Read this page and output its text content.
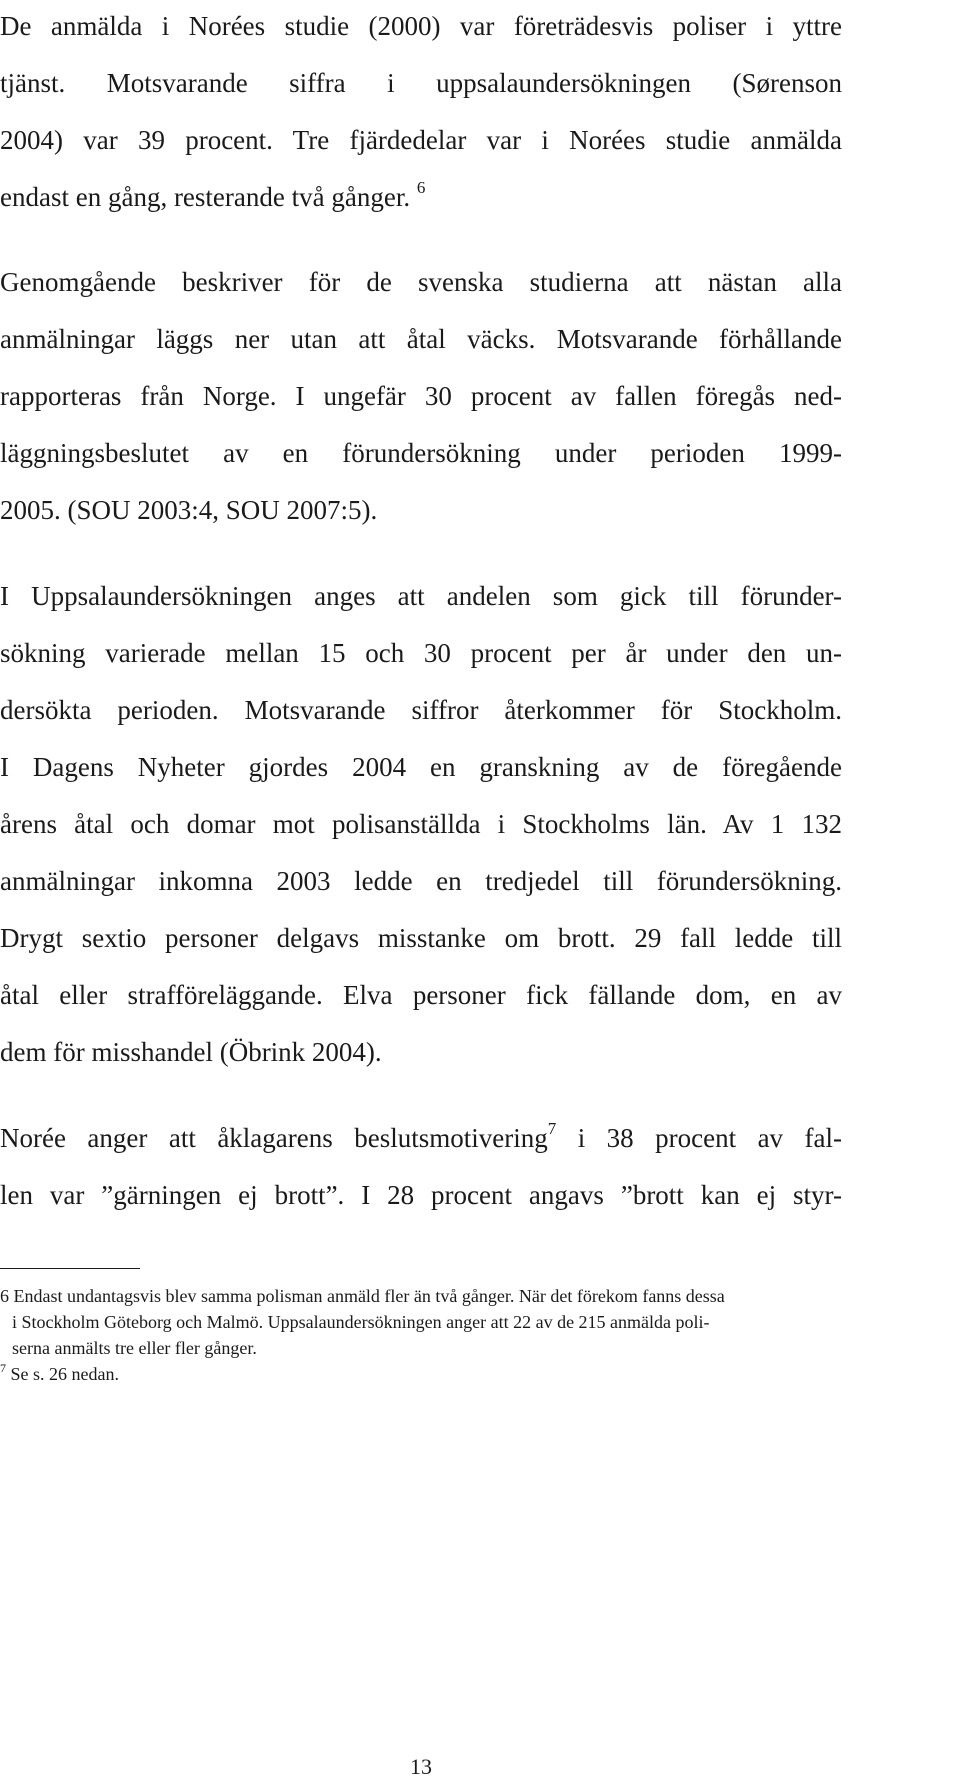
De anmälda i Norées studie (2000) var företrädesvis poliser i yttre
tjänst. Motsvarande siffra i uppsalaundersökningen (Sørenson
2004) var 39 procent. Tre fjärdedelar var i Norées studie anmälda
endast en gång, resterande två gånger. $^6$
Genomgående beskriver för de svenska studierna att nästan alla
anmälningar läggs ner utan att åtal väcks. Motsvarande förhållande
rapporteras från Norge. I ungefär 30 procent av fallen föregås ned-
läggningsbeslutet av en förundersökning under perioden 1999-
2005. (SOU 2003:4, SOU 2007:5).
I Uppsalaundersökningen anges att andelen som gick till förunder-
sökning varierade mellan 15 och 30 procent per år under den un-
dersökta perioden. Motsvarande siffror återkommer för Stockholm.
I Dagens Nyheter gjordes 2004 en granskning av de föregående
årens åtal och domar mot polisanställda i Stockholms län. Av 1 132
anmälningar inkomna 2003 ledde en tredjedel till förundersökning.
Drygt sextio personer delgavs misstanke om brott. 29 fall ledde till
åtal eller strafföreläggande. Elva personer fick fällande dom, en av
dem för misshandel (Öbrink 2004).
Norée anger att åklagarens beslutsmotivering$^7$ i 38 procent av fal-
len var ”gärningen ej brott”. I 28 procent angavs ”brott kan ej styr-
6 Endast undantagsvis blev samma polisman anmäld fler än två gånger. När det förekom fanns dessa
i Stockholm Göteborg och Malmö. Uppsalaundersökningen anger att 22 av de 215 anmälda poli-
serna anmälts tre eller fler gånger.
$^7$ Se s. 26 nedan.
13
